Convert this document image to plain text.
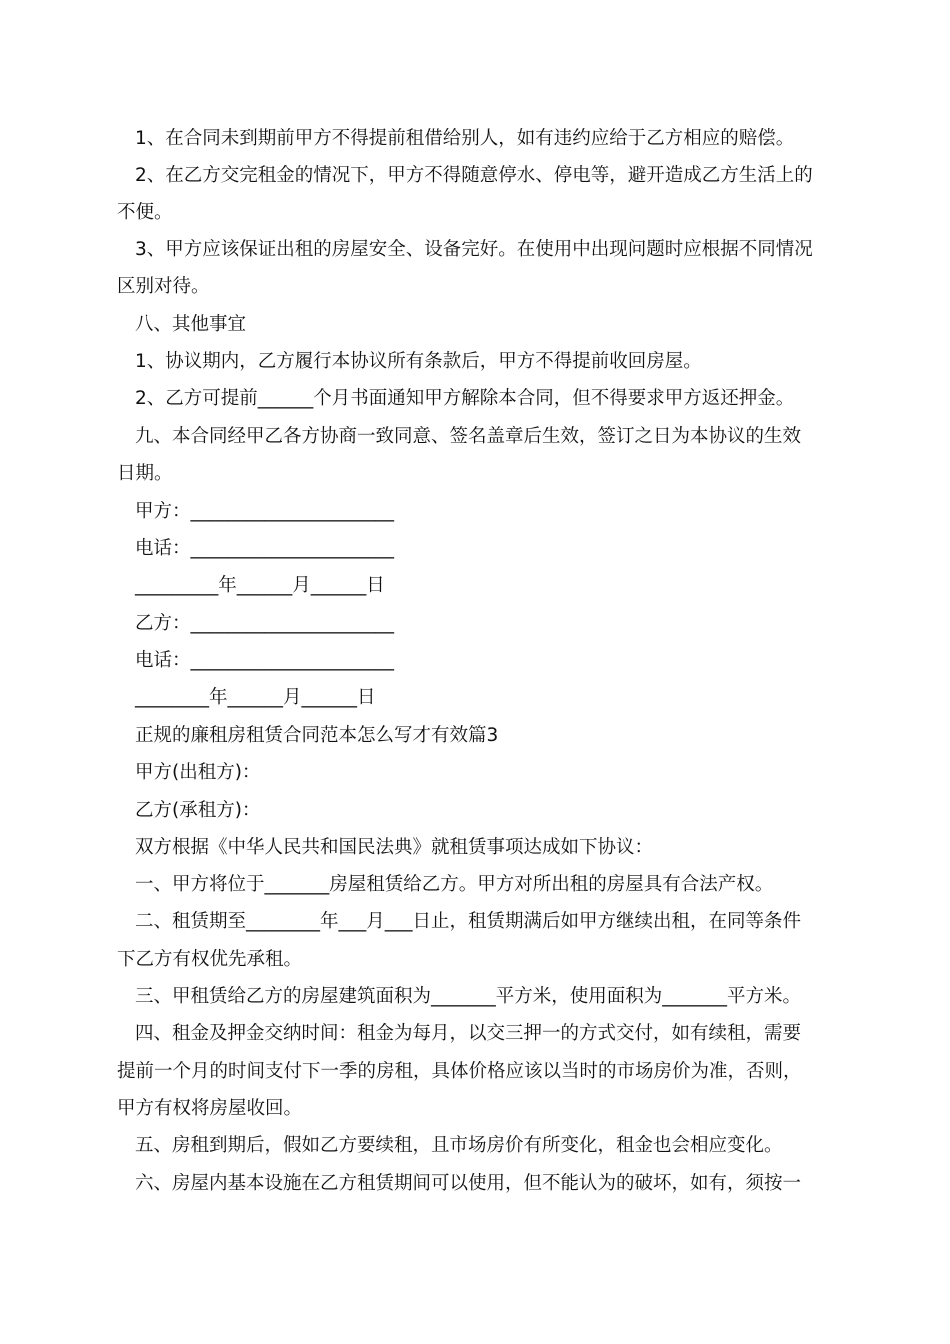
1、在合同未到期前甲方不得提前租借给别人，如有违约应给于乙方相应的赔偿。
2、在乙方交完租金的情况下，甲方不得随意停水、停电等，避开造成乙方生活上的
不便。
3、甲方应该保证出租的房屋安全、设备完好。在使用中出现问题时应根据不同情况
区别对待。
八、其他事宜
1、协议期内，乙方履行本协议所有条款后，甲方不得提前收回房屋。
2、乙方可提前______个月书面通知甲方解除本合同，但不得要求甲方返还押金。
九、本合同经甲乙各方协商一致同意、签名盖章后生效，签订之日为本协议的生效
日期。
甲方：______________________
电话：______________________
_________年______月______日
乙方：______________________
电话：______________________
________年______月______日
正规的廉租房租赁合同范本怎么写才有效篇3
甲方(出租方)：
乙方(承租方)：
双方根据《中华人民共和国民法典》就租赁事项达成如下协议：
一、甲方将位于_______房屋租赁给乙方。甲方对所出租的房屋具有合法产权。
二、租赁期至________年___月___日止，租赁期满后如甲方继续出租，在同等条件
下乙方有权优先承租。
三、甲租赁给乙方的房屋建筑面积为_______平方米，使用面积为_______平方米。
四、租金及押金交纳时间：租金为每月，以交三押一的方式交付，如有续租，需要
提前一个月的时间支付下一季的房租，具体价格应该以当时的市场房价为准，否则，
甲方有权将房屋收回。
五、房租到期后，假如乙方要续租，且市场房价有所变化，租金也会相应变化。
六、房屋内基本设施在乙方租赁期间可以使用，但不能认为的破坏，如有，须按一
